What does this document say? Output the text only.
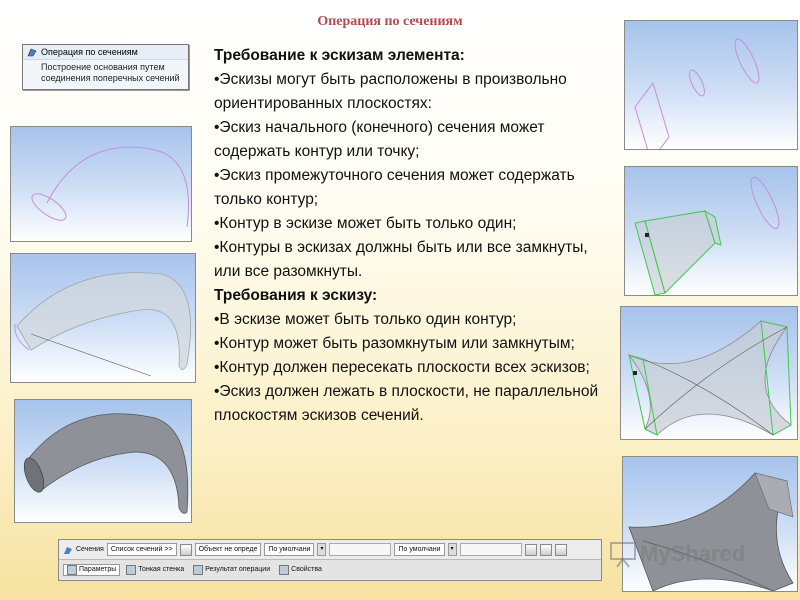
Операция по сечениям
Операция по сечениям
Построение основания путем
соединения поперечных сечений

Требование к эскизам элемента:

•Эскизы могут быть расположены в произвольно ориентированных плоскостях:

•Эскиз начального (конечного) сечения может содержать контур или точку;

•Эскиз промежуточного сечения может содержать только контур;

•Контур в эскизе может быть только один;

•Контуры в эскизах должны быть или все замкнуты, или все разомкнуты.

Требования к эскизу:

•В эскизе может быть только один контур;

•Контур может быть разомкнутым или замкнутым;

•Контур должен пересекать плоскости всех эскизов;

•Эскиз должен лежать в плоскости, не параллельной плоскостям эскизов сечений.

Сечения	Список сечений >>	Объект не опреде	По умолчани	▾	По умолчани	▾
Параметры	Тонкая стенка	Результат операции	Свойства
MyShared
